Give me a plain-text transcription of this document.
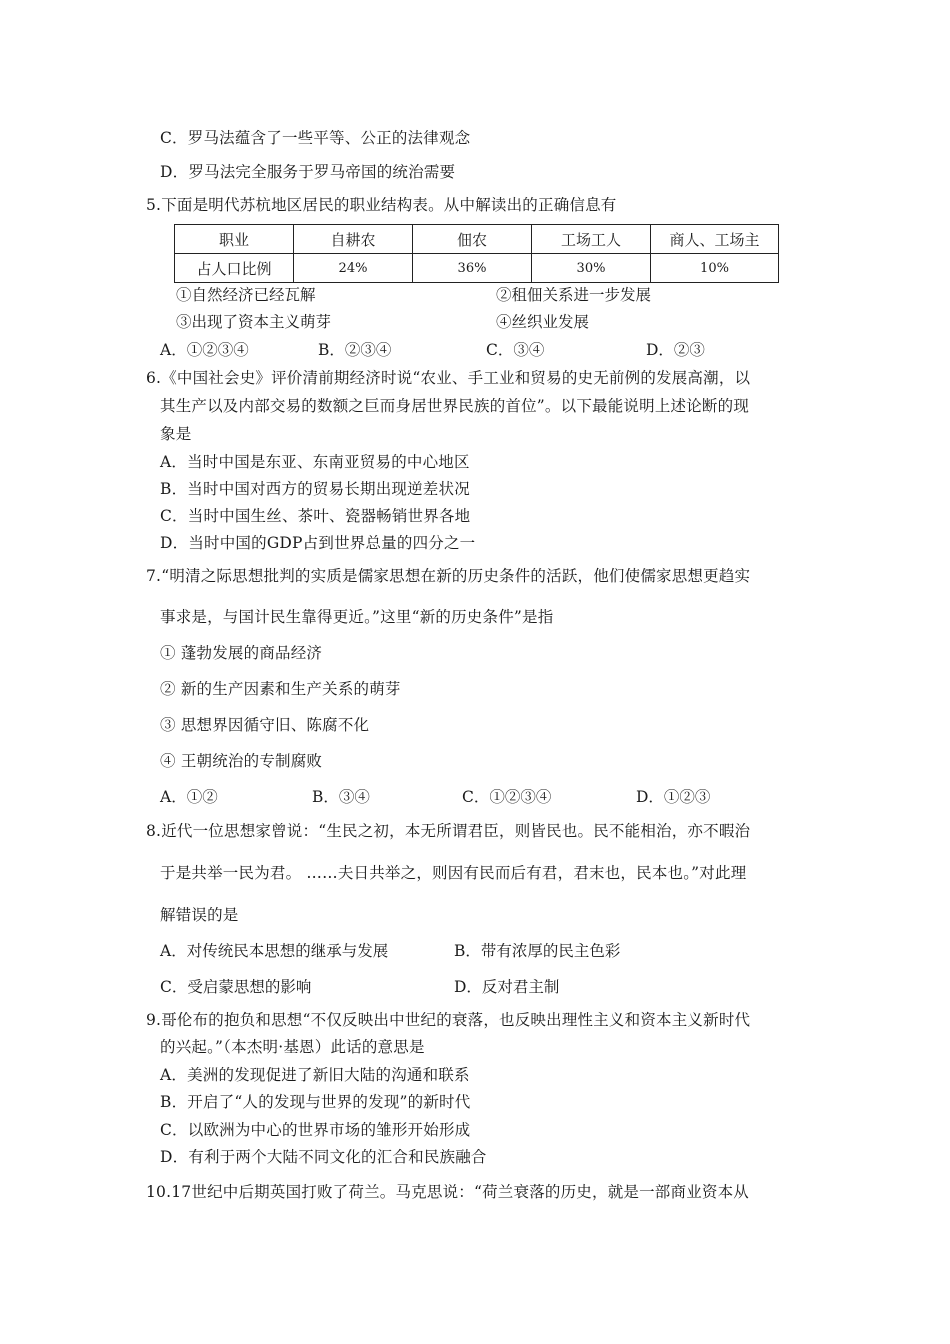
C．罗马法蕴含了一些平等、公正的法律观念
D．罗马法完全服务于罗马帝国的统治需要
5.下面是明代苏杭地区居民的职业结构表。从中解读出的正确信息有
职业	自耕农	佃农	工场工人	商人、工场主
占人口比例	24%	36%	30%	10%
①自然经济已经瓦解	②租佃关系进一步发展
③出现了资本主义萌芽	④丝织业发展
A．①②③④	B．②③④	C．③④	D．②③
6.《中国社会史》评价清前期经济时说“农业、手工业和贸易的史无前例的发展高潮，以
其生产以及内部交易的数额之巨而身居世界民族的首位”。以下最能说明上述论断的现
象是
A．当时中国是东亚、东南亚贸易的中心地区
B．当时中国对西方的贸易长期出现逆差状况
C．当时中国生丝、茶叶、瓷器畅销世界各地
D．当时中国的GDP占到世界总量的四分之一
7.“明清之际思想批判的实质是儒家思想在新的历史条件的活跃，他们使儒家思想更趋实
事求是，与国计民生靠得更近。”这里“新的历史条件”是指
① 蓬勃发展的商品经济
② 新的生产因素和生产关系的萌芽
③ 思想界因循守旧、陈腐不化
④ 王朝统治的专制腐败
A．①②	B．③④	C．①②③④	D．①②③
8.近代一位思想家曾说：“生民之初，本无所谓君臣，则皆民也。民不能相治，亦不暇治
于是共举一民为君。 ……夫日共举之，则因有民而后有君，君末也，民本也。”对此理
解错误的是
A．对传统民本思想的继承与发展	B．带有浓厚的民主色彩
C．受启蒙思想的影响	D．反对君主制
9.哥伦布的抱负和思想“不仅反映出中世纪的衰落，也反映出理性主义和资本主义新时代
的兴起。”（本杰明·基恩）此话的意思是
A．美洲的发现促进了新旧大陆的沟通和联系
B．开启了“人的发现与世界的发现”的新时代
C．以欧洲为中心的世界市场的雏形开始形成
D．有利于两个大陆不同文化的汇合和民族融合
10.17世纪中后期英国打败了荷兰。马克思说：“荷兰衰落的历史，就是一部商业资本从
